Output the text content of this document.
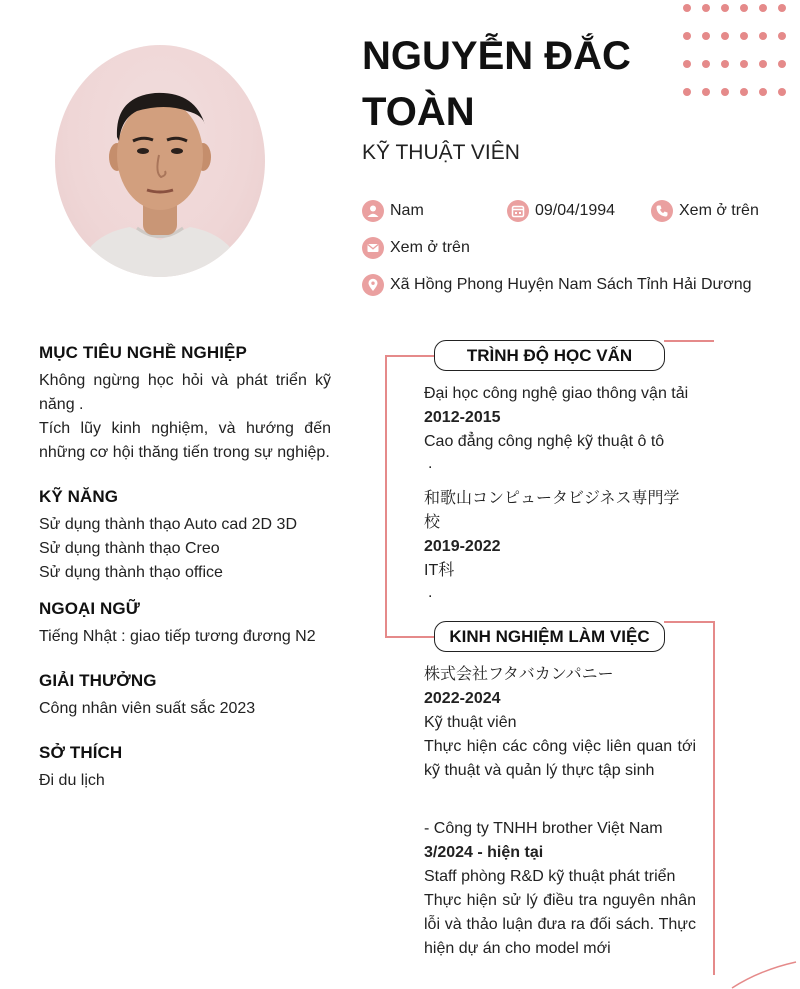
NGUYỄN ĐẮC TOÀN
KỸ THUẬT VIÊN
Nam	09/04/1994	Xem ở trên
Xem ở trên
Xã Hồng Phong Huyện Nam Sách Tỉnh Hải Dương
MỤC TIÊU NGHỀ NGHIỆP
Không ngừng học hỏi và phát triển kỹ năng .
Tích lũy kinh nghiệm, và hướng đến những cơ hội thăng tiến trong sự nghiệp.
KỸ NĂNG
Sử dụng thành thạo Auto cad 2D 3D
Sử dụng thành thạo Creo
Sử dụng thành thạo office
NGOẠI NGỮ
Tiếng Nhật : giao tiếp tương đương N2
GIẢI THƯỞNG
Công nhân viên suất sắc 2023
SỞ THÍCH
Đi du lịch
TRÌNH ĐỘ HỌC VẤN
Đại học công nghệ giao thông vận tải
2012-2015
Cao đẳng công nghệ kỹ thuật ô tô
.
和歌山コンピュータビジネス専門学校
2019-2022
IT科
.
KINH NGHIỆM LÀM VIỆC
株式会社フタバカンパニー
2022-2024
Kỹ thuật viên
Thực hiện các công việc liên quan tới kỹ thuật và quản lý thực tập sinh
- Công ty TNHH brother Việt Nam
3/2024 - hiện tại
Staff phòng R&D kỹ thuật phát triển
Thực hiện sử lý điều tra nguyên nhân lỗi và thảo luận đưa ra đối sách. Thực hiện dự án cho model mới
